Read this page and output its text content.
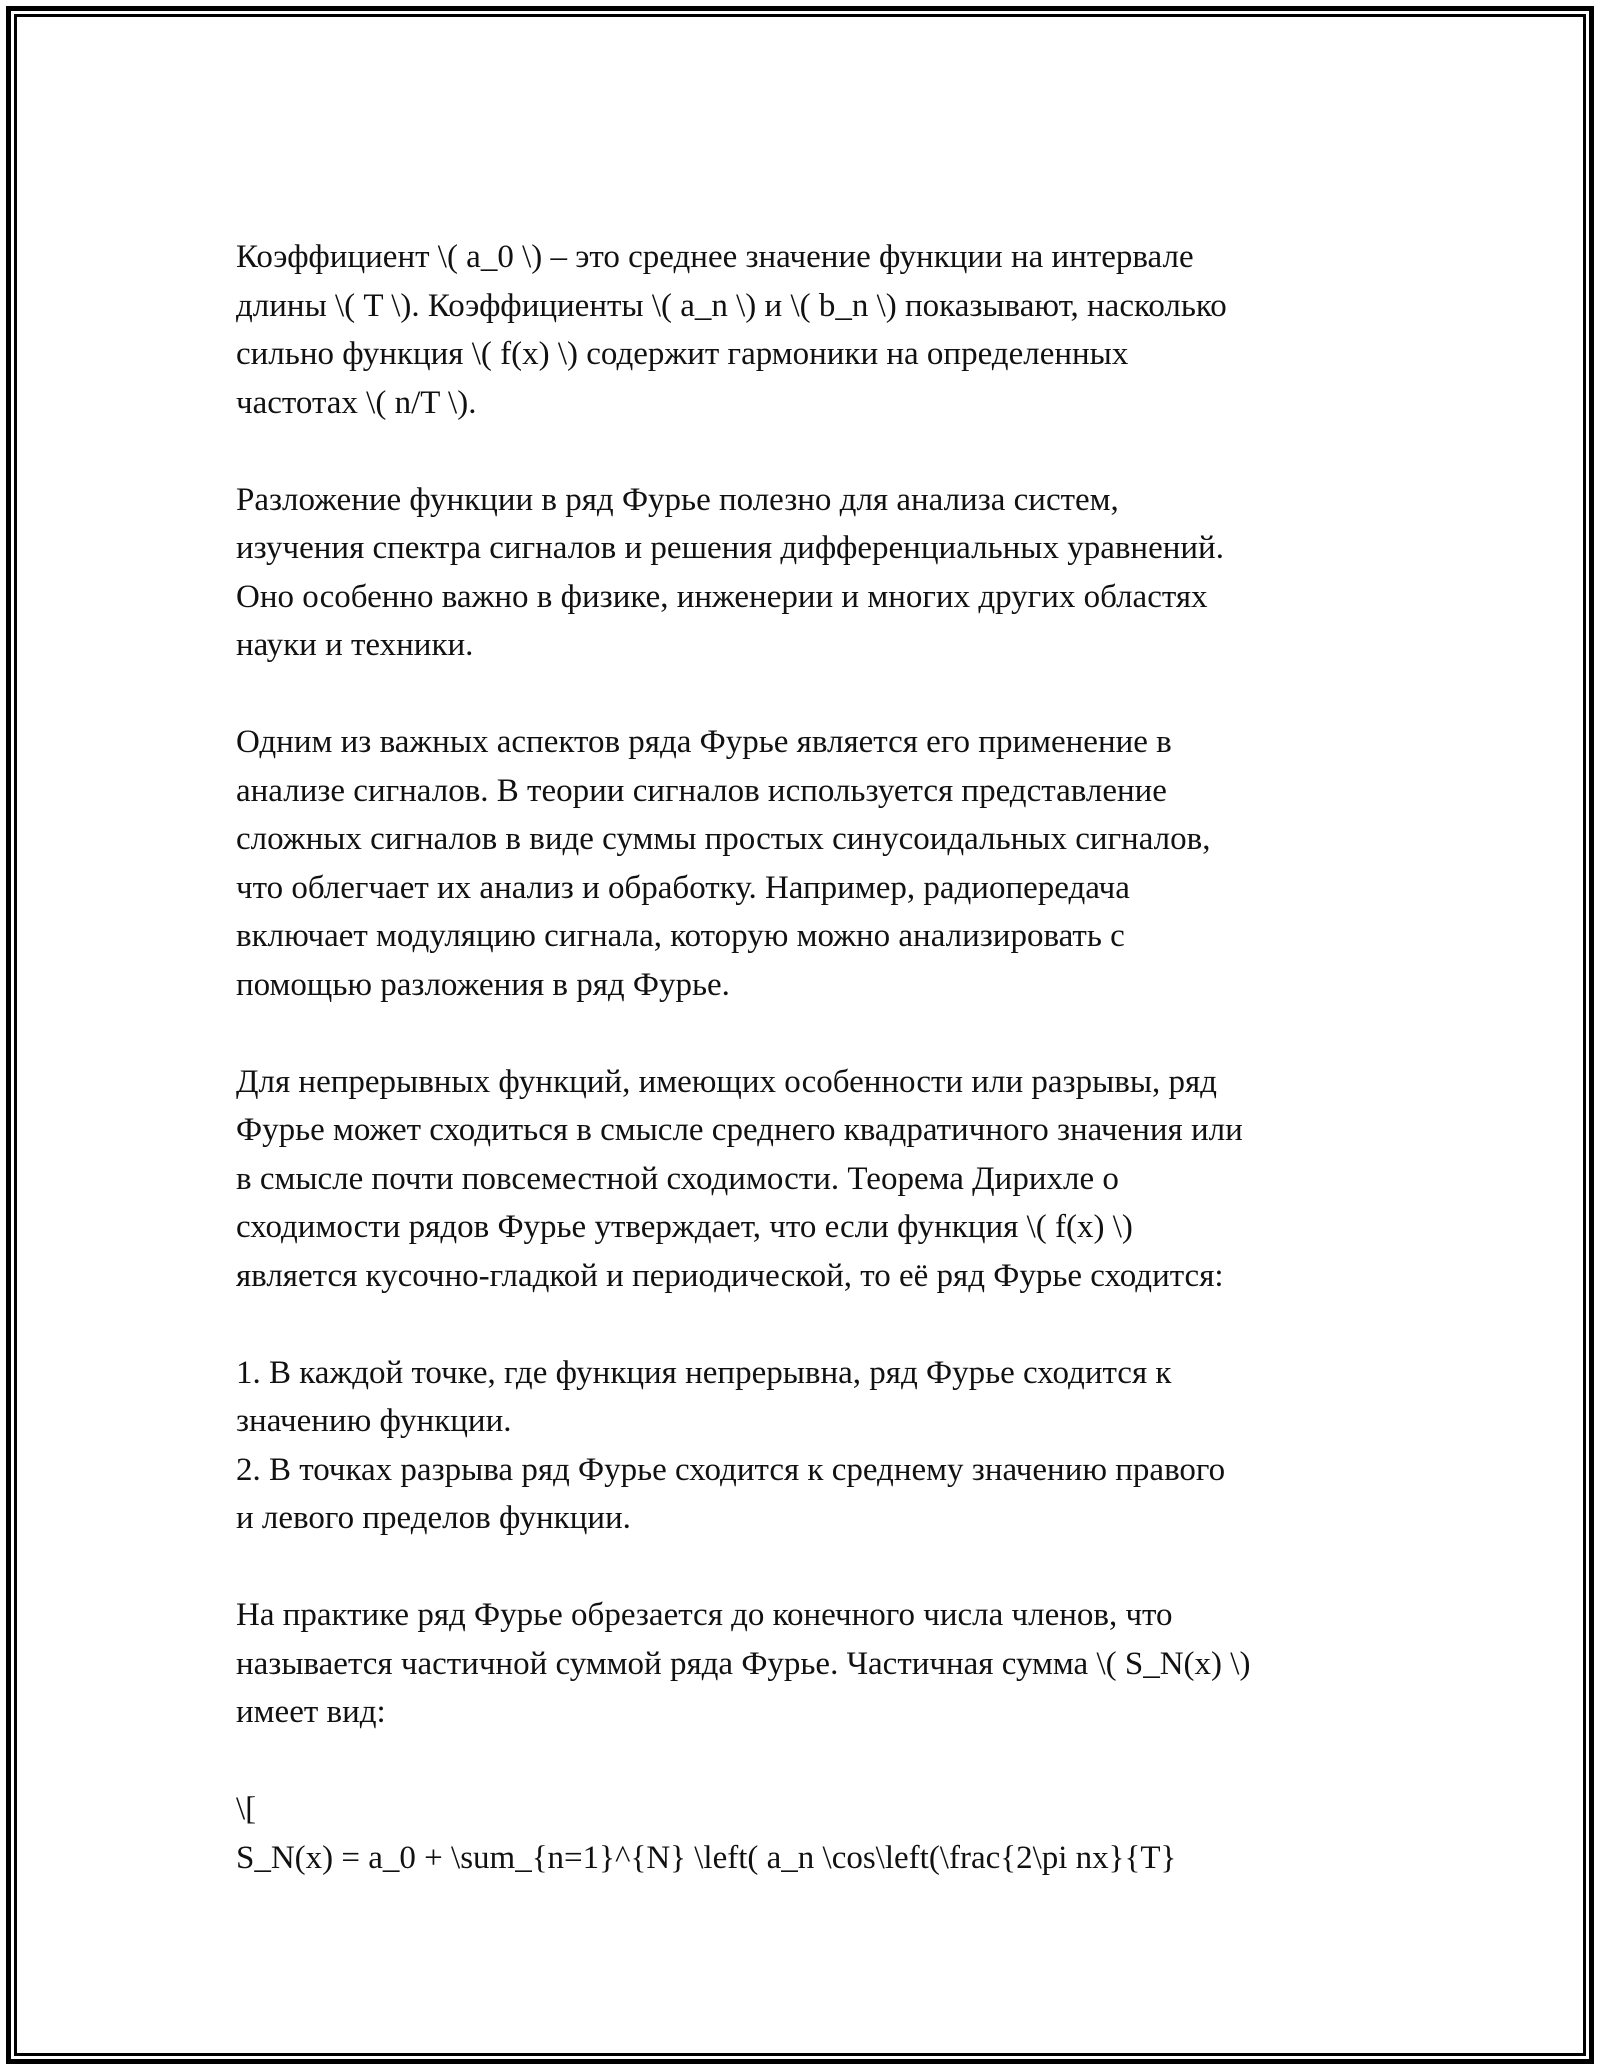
Коэффициент \( a_0 \) – это среднее значение функции на интервале
длины \( T \). Коэффициенты \( a_n \) и \( b_n \) показывают, насколько
сильно функция \( f(x) \) содержит гармоники на определенных
частотах \( n/T \).

Разложение функции в ряд Фурье полезно для анализа систем,
изучения спектра сигналов и решения дифференциальных уравнений.
Оно особенно важно в физике, инженерии и многих других областях
науки и техники.

Одним из важных аспектов ряда Фурье является его применение в
анализе сигналов. В теории сигналов используется представление
сложных сигналов в виде суммы простых синусоидальных сигналов,
что облегчает их анализ и обработку. Например, радиопередача
включает модуляцию сигнала, которую можно анализировать с
помощью разложения в ряд Фурье.

Для непрерывных функций, имеющих особенности или разрывы, ряд
Фурье может сходиться в смысле среднего квадратичного значения или
в смысле почти повсеместной сходимости. Теорема Дирихле о
сходимости рядов Фурье утверждает, что если функция \( f(x) \)
является кусочно-гладкой и периодической, то её ряд Фурье сходится:

1. В каждой точке, где функция непрерывна, ряд Фурье сходится к
значению функции.

2. В точках разрыва ряд Фурье сходится к среднему значению правого
и левого пределов функции.

На практике ряд Фурье обрезается до конечного числа членов, что
называется частичной суммой ряда Фурье. Частичная сумма \( S_N(x) \)
имеет вид:

\[

S_N(x) = a_0 + \sum_{n=1}^{N} \left( a_n \cos\left(\frac{2\pi nx}{T}
